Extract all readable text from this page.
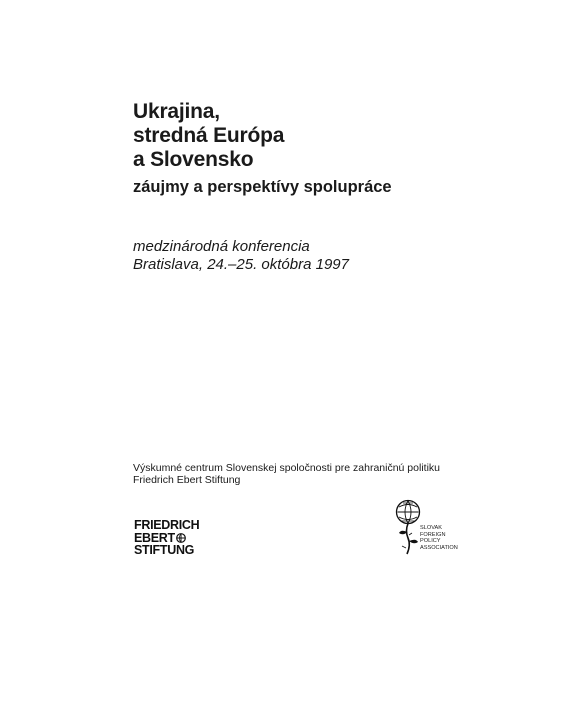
Ukrajina,
stredná Európa
a Slovensko
záujmy a perspektívy spolupráce
medzinárodná konferencia
Bratislava, 24.–25. októbra 1997
Výskumné centrum Slovenskej spoločnosti pre zahraničnú politiku
Friedrich Ebert Stiftung
FRIEDRICH
EBERT
STIFTUNG
SLOVAK
FOREIGN
POLICY
ASSOCIATION
